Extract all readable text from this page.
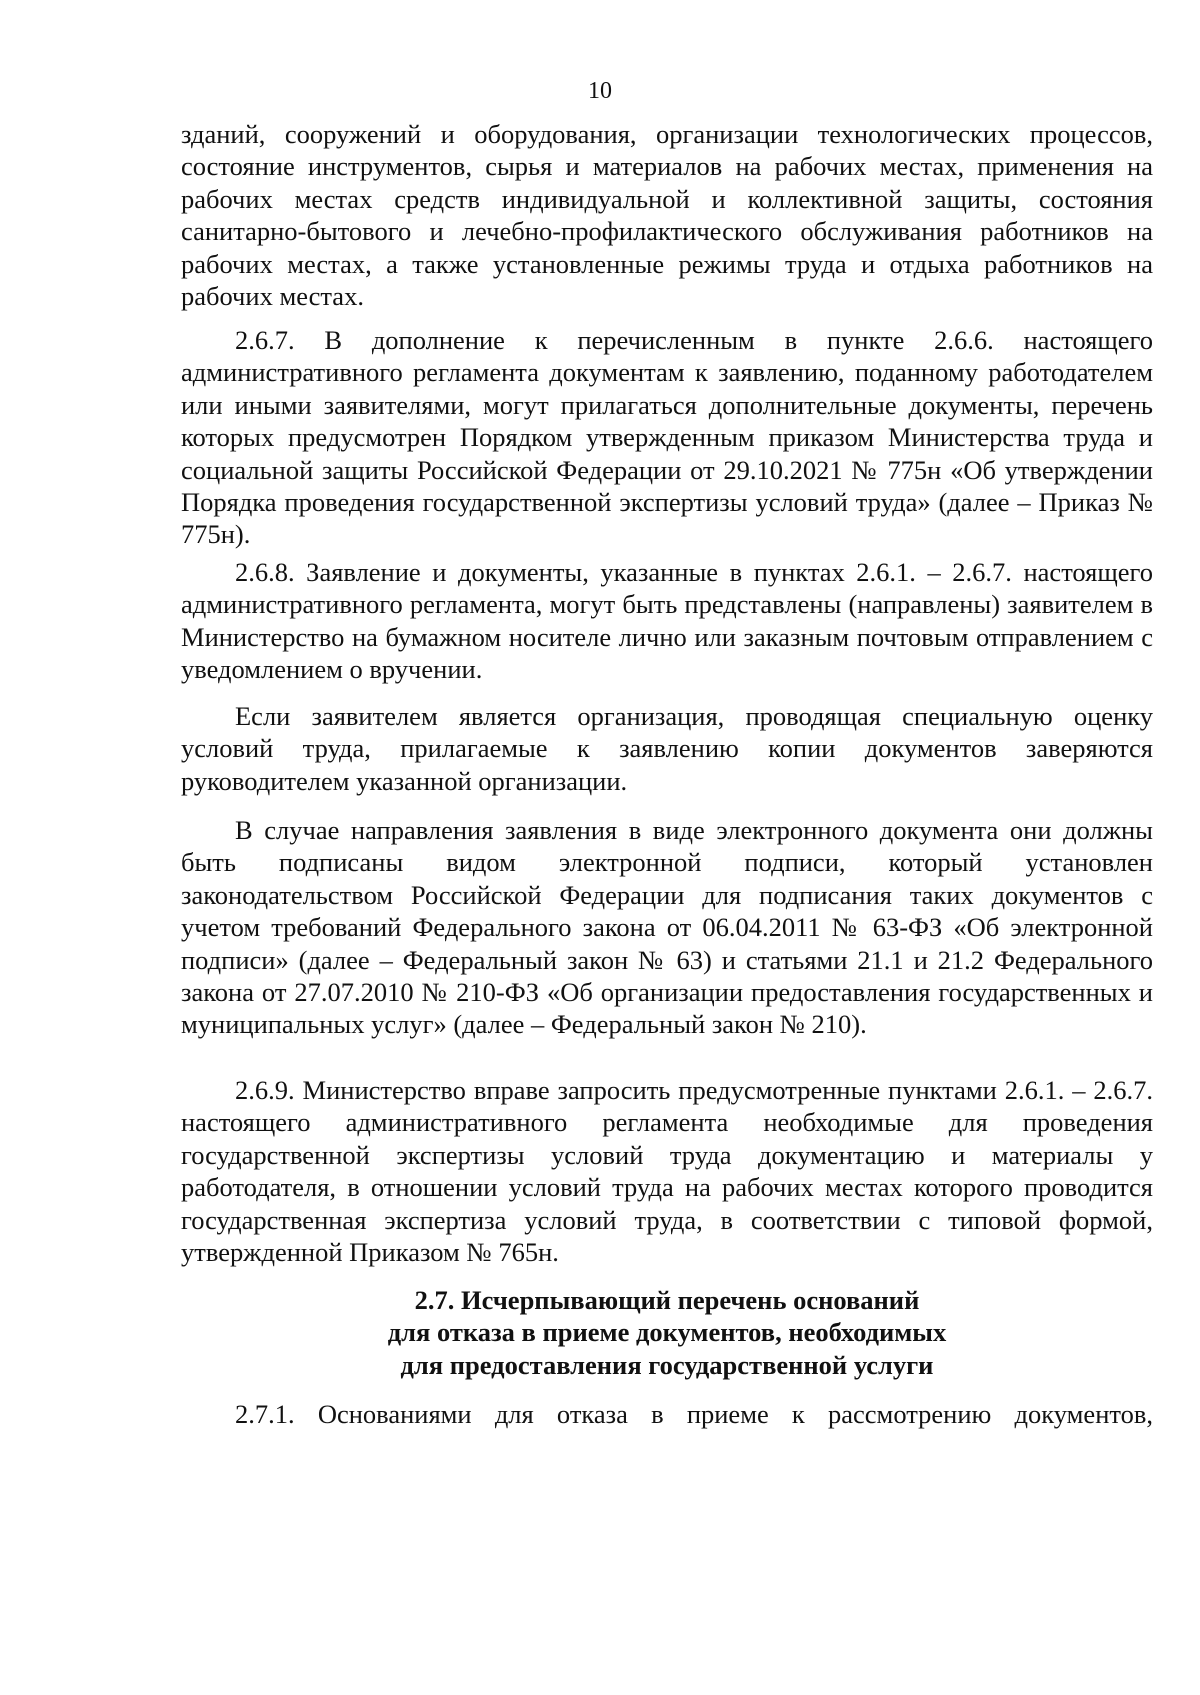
10

зданий, сооружений и оборудования, организации технологических процессов, состояние инструментов, сырья и материалов на рабочих местах, применения на рабочих местах средств индивидуальной и коллективной защиты, состояния санитарно-бытового и лечебно-профилактического обслуживания работников на рабочих местах, а также установленные режимы труда и отдыха работников на рабочих местах.

2.6.7. В дополнение к перечисленным в пункте 2.6.6. настоящего административного регламента документам к заявлению, поданному работодателем или иными заявителями, могут прилагаться дополнительные документы, перечень которых предусмотрен Порядком утвержденным приказом Министерства труда и социальной защиты Российской Федерации от 29.10.2021 № 775н «Об утверждении Порядка проведения государственной экспертизы условий труда» (далее – Приказ № 775н).

2.6.8. Заявление и документы, указанные в пунктах 2.6.1. – 2.6.7. настоящего административного регламента, могут быть представлены (направлены) заявителем в Министерство на бумажном носителе лично или заказным почтовым отправлением с уведомлением о вручении.

Если заявителем является организация, проводящая специальную оценку условий труда, прилагаемые к заявлению копии документов заверяются руководителем указанной организации.

В случае направления заявления в виде электронного документа они должны быть подписаны видом электронной подписи, который установлен законодательством Российской Федерации для подписания таких документов с учетом требований Федерального закона от 06.04.2011 № 63-ФЗ «Об электронной подписи» (далее – Федеральный закон № 63) и статьями 21.1 и 21.2 Федерального закона от 27.07.2010 № 210-ФЗ «Об организации предоставления государственных и муниципальных услуг» (далее – Федеральный закон № 210).

2.6.9. Министерство вправе запросить предусмотренные пунктами 2.6.1. – 2.6.7. настоящего административного регламента необходимые для проведения государственной экспертизы условий труда документацию и материалы у работодателя, в отношении условий труда на рабочих местах которого проводится государственная экспертиза условий труда, в соответствии с типовой формой, утвержденной Приказом № 765н.

2.7. Исчерпывающий перечень оснований
для отказа в приеме документов, необходимых
для предоставления государственной услуги

2.7.1. Основаниями для отказа в приеме к рассмотрению документов,
